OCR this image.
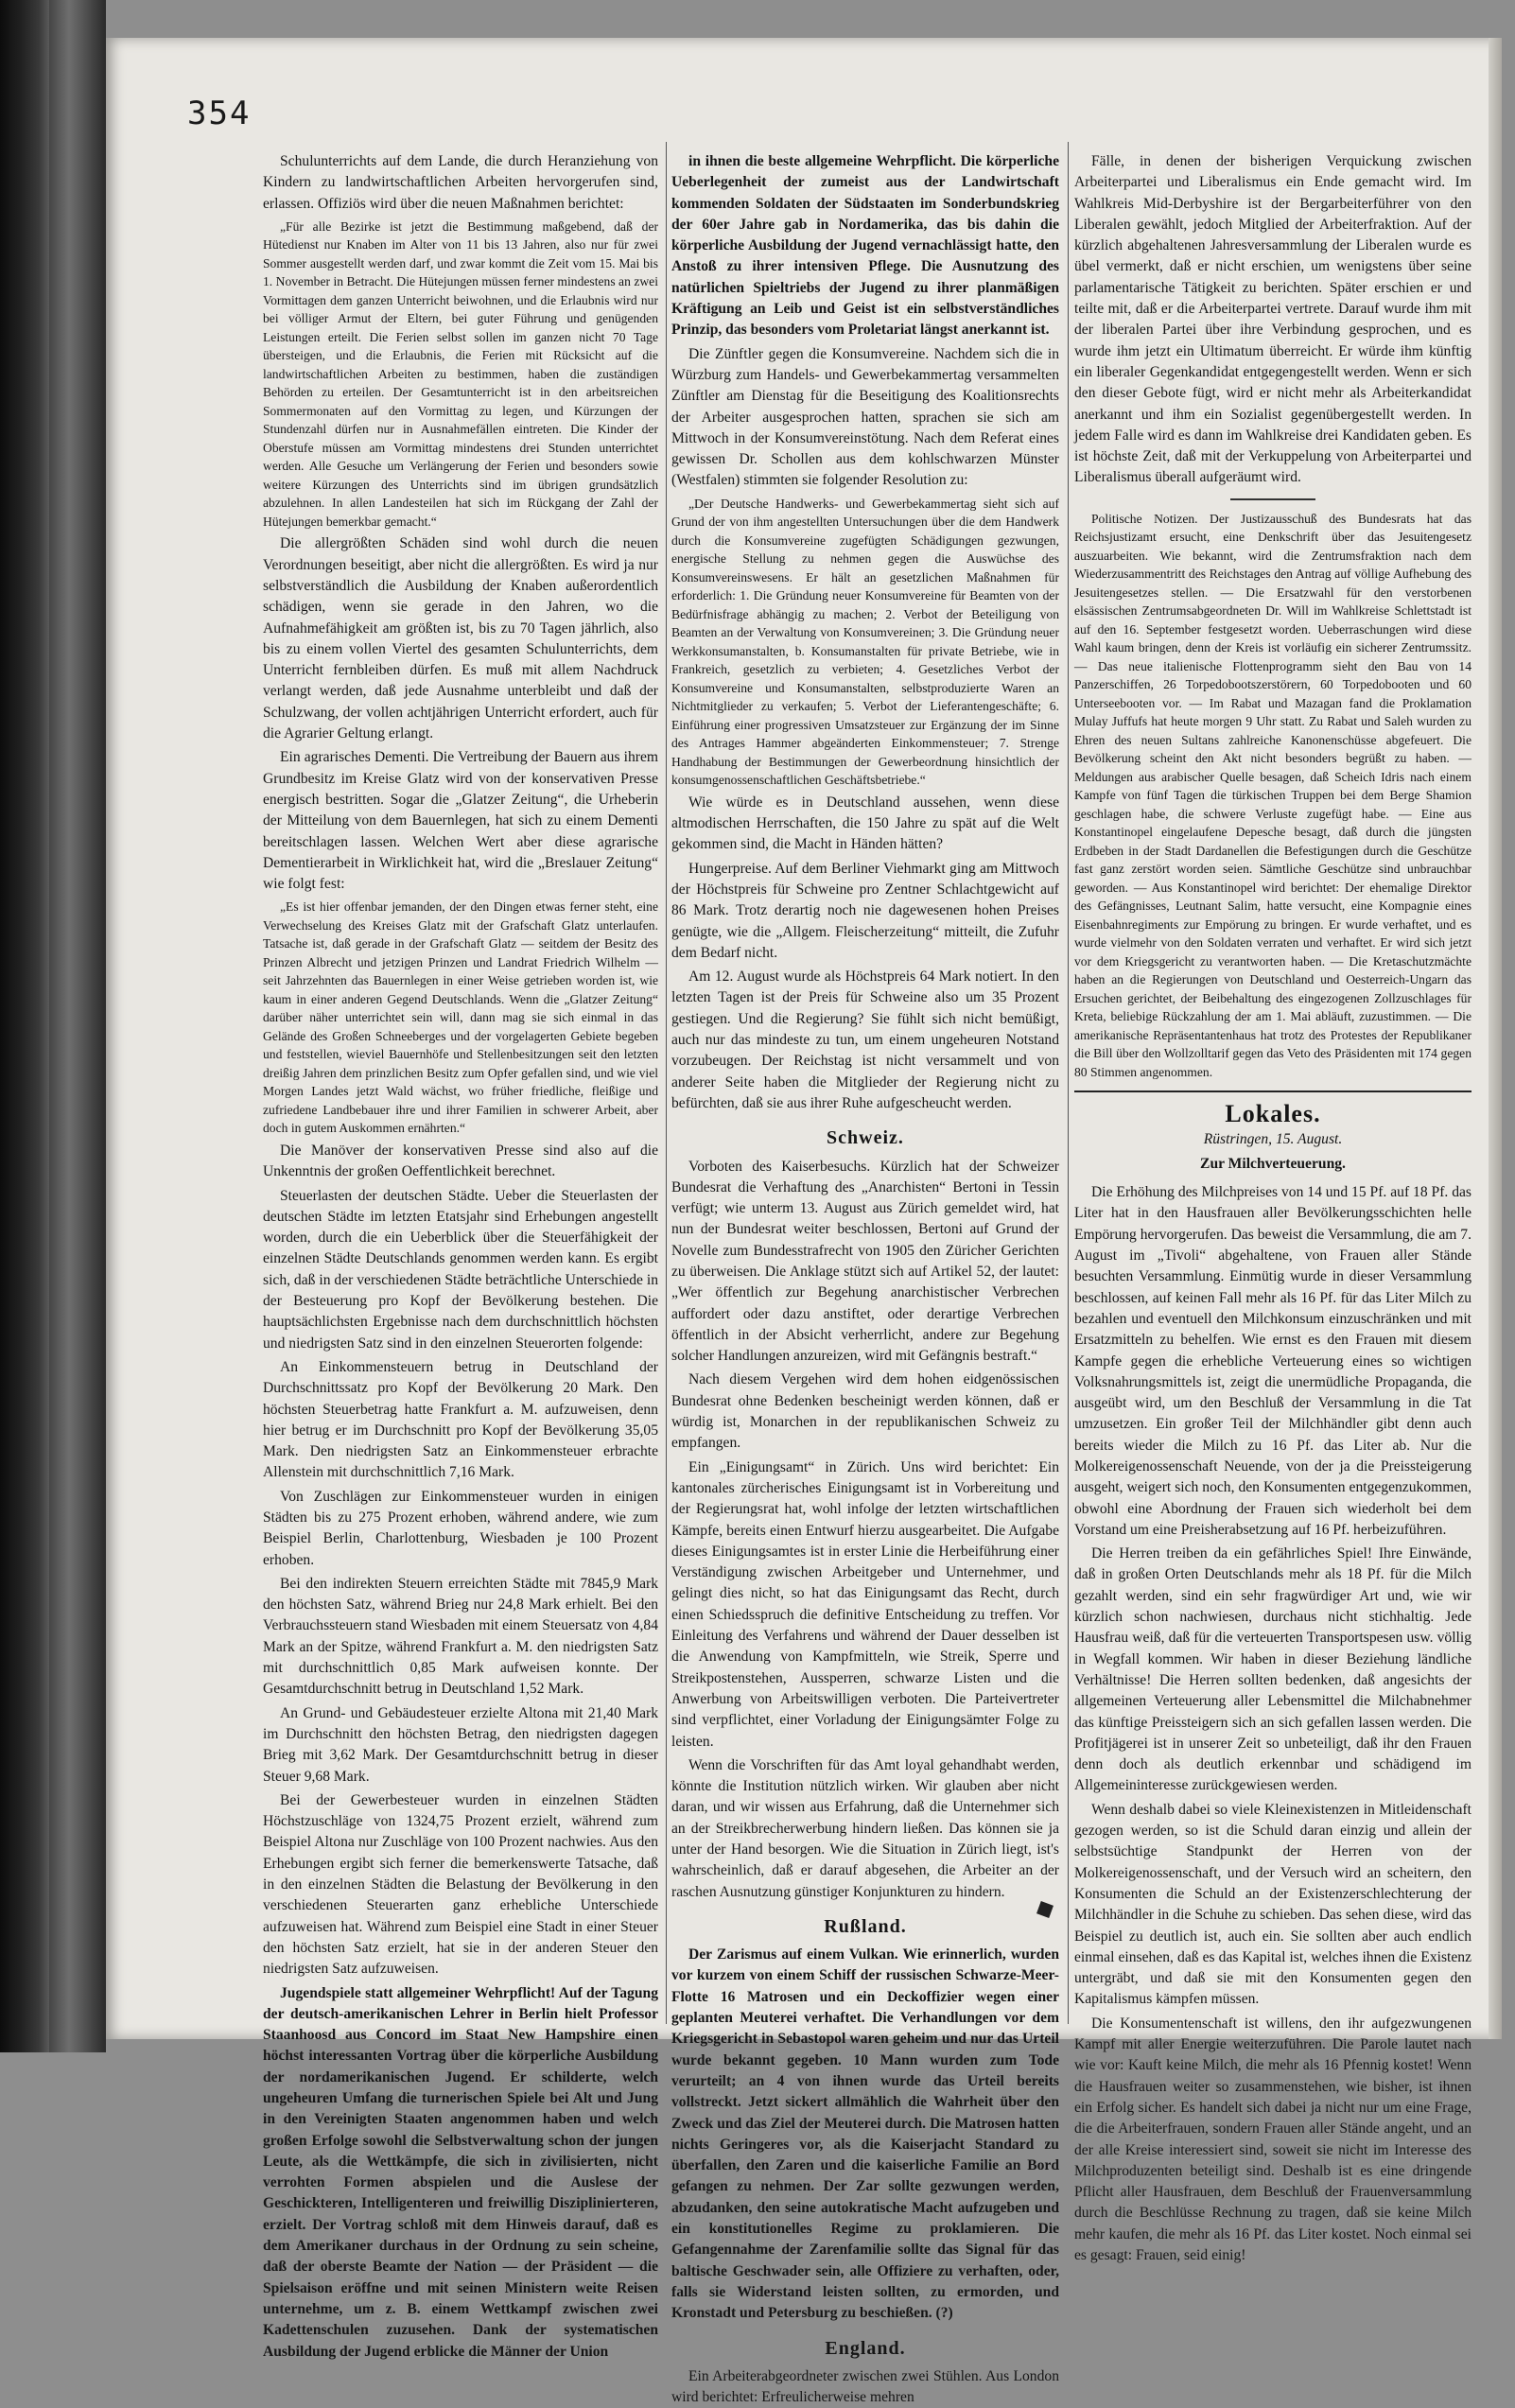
354

Schulunterrichts auf dem Lande, die durch Heranziehung von Kindern zu landwirtschaftlichen Arbeiten hervorgerufen sind, erlassen. Offiziös wird über die neuen Maßnahmen berichtet:

„Für alle Bezirke ist jetzt die Bestimmung maßgebend, daß der Hütedienst nur Knaben im Alter von 11 bis 13 Jahren, also nur für zwei Sommer ausgestellt werden darf, und zwar kommt die Zeit vom 15. Mai bis 1. November in Betracht. Die Hütejungen müssen ferner mindestens an zwei Vormittagen dem ganzen Unterricht beiwohnen, und die Erlaubnis wird nur bei völliger Armut der Eltern, bei guter Führung und genügenden Leistungen erteilt. Die Ferien selbst sollen im ganzen nicht 70 Tage übersteigen, und die Erlaubnis, die Ferien mit Rücksicht auf die landwirtschaftlichen Arbeiten zu bestimmen, haben die zuständigen Behörden zu erteilen. Der Gesamtunterricht ist in den arbeitsreichen Sommermonaten auf den Vormittag zu legen, und Kürzungen der Stundenzahl dürfen nur in Ausnahmefällen eintreten. Die Kinder der Oberstufe müssen am Vormittag mindestens drei Stunden unterrichtet werden. Alle Gesuche um Verlängerung der Ferien und besonders sowie weitere Kürzungen des Unterrichts sind im übrigen grundsätzlich abzulehnen. In allen Landesteilen hat sich im Rückgang der Zahl der Hütejungen bemerkbar gemacht.“

Die allergrößten Schäden sind wohl durch die neuen Verordnungen beseitigt, aber nicht die allergrößten. Es wird ja nur selbstverständlich die Ausbildung der Knaben außerordentlich schädigen, wenn sie gerade in den Jahren, wo die Aufnahmefähigkeit am größten ist, bis zu 70 Tagen jährlich, also bis zu einem vollen Viertel des gesamten Schulunterrichts, dem Unterricht fernbleiben dürfen. Es muß mit allem Nachdruck verlangt werden, daß jede Ausnahme unterbleibt und daß der Schulzwang, der vollen achtjährigen Unterricht erfordert, auch für die Agrarier Geltung erlangt.

Ein agrarisches Dementi. Die Vertreibung der Bauern aus ihrem Grundbesitz im Kreise Glatz wird von der konservativen Presse energisch bestritten. Sogar die „Glatzer Zeitung“, die Urheberin der Mitteilung von dem Bauernlegen, hat sich zu einem Dementi bereitschlagen lassen. Welchen Wert aber diese agrarische Dementierarbeit in Wirklichkeit hat, wird die „Breslauer Zeitung“ wie folgt fest:

„Es ist hier offenbar jemanden, der den Dingen etwas ferner steht, eine Verwechselung des Kreises Glatz mit der Grafschaft Glatz unterlaufen. Tatsache ist, daß gerade in der Grafschaft Glatz — seitdem der Besitz des Prinzen Albrecht und jetzigen Prinzen und Landrat Friedrich Wilhelm — seit Jahrzehnten das Bauernlegen in einer Weise getrieben worden ist, wie kaum in einer anderen Gegend Deutschlands. Wenn die „Glatzer Zeitung“ darüber näher unterrichtet sein will, dann mag sie sich einmal in das Gelände des Großen Schneeberges und der vorgelagerten Gebiete begeben und feststellen, wieviel Bauernhöfe und Stellenbesitzungen seit den letzten dreißig Jahren dem prinzlichen Besitz zum Opfer gefallen sind, und wie viel Morgen Landes jetzt Wald wächst, wo früher friedliche, fleißige und zufriedene Landbebauer ihre und ihrer Familien in schwerer Arbeit, aber doch in gutem Auskommen ernährten.“

Die Manöver der konservativen Presse sind also auf die Unkenntnis der großen Oeffentlichkeit berechnet.

Steuerlasten der deutschen Städte. Ueber die Steuerlasten der deutschen Städte im letzten Etatsjahr sind Erhebungen angestellt worden, durch die ein Ueberblick über die Steuerfähigkeit der einzelnen Städte Deutschlands genommen werden kann. Es ergibt sich, daß in der verschiedenen Städte beträchtliche Unterschiede in der Besteuerung pro Kopf der Bevölkerung bestehen. Die hauptsächlichsten Ergebnisse nach dem durchschnittlich höchsten und niedrigsten Satz sind in den einzelnen Steuerorten folgende:

An Einkommensteuern betrug in Deutschland der Durchschnittssatz pro Kopf der Bevölkerung 20 Mark. Den höchsten Steuerbetrag hatte Frankfurt a. M. aufzuweisen, denn hier betrug er im Durchschnitt pro Kopf der Bevölkerung 35,05 Mark. Den niedrigsten Satz an Einkommensteuer erbrachte Allenstein mit durchschnittlich 7,16 Mark.

Von Zuschlägen zur Einkommensteuer wurden in einigen Städten bis zu 275 Prozent erhoben, während andere, wie zum Beispiel Berlin, Charlottenburg, Wiesbaden je 100 Prozent erhoben.

Bei den indirekten Steuern erreichten Städte mit 7845,9 Mark den höchsten Satz, während Brieg nur 24,8 Mark erhielt. Bei den Verbrauchssteuern stand Wiesbaden mit einem Steuersatz von 4,84 Mark an der Spitze, während Frankfurt a. M. den niedrigsten Satz mit durchschnittlich 0,85 Mark aufweisen konnte. Der Gesamtdurchschnitt betrug in Deutschland 1,52 Mark.

An Grund- und Gebäudesteuer erzielte Altona mit 21,40 Mark im Durchschnitt den höchsten Betrag, den niedrigsten dagegen Brieg mit 3,62 Mark. Der Gesamtdurchschnitt betrug in dieser Steuer 9,68 Mark.

Bei der Gewerbesteuer wurden in einzelnen Städten Höchstzuschläge von 1324,75 Prozent erzielt, während zum Beispiel Altona nur Zuschläge von 100 Prozent nachwies. Aus den Erhebungen ergibt sich ferner die bemerkenswerte Tatsache, daß in den einzelnen Städten die Belastung der Bevölkerung in den verschiedenen Steuerarten ganz erhebliche Unterschiede aufzuweisen hat. Während zum Beispiel eine Stadt in einer Steuer den höchsten Satz erzielt, hat sie in der anderen Steuer den niedrigsten Satz aufzuweisen.

Jugendspiele statt allgemeiner Wehrpflicht! Auf der Tagung der deutsch-amerikanischen Lehrer in Berlin hielt Professor Staanhoosd aus Concord im Staat New Hampshire einen höchst interessanten Vortrag über die körperliche Ausbildung der nordamerikanischen Jugend. Er schilderte, welch ungeheuren Umfang die turnerischen Spiele bei Alt und Jung in den Vereinigten Staaten angenommen haben und welch großen Erfolge sowohl die Selbstverwaltung schon der jungen Leute, als die Wettkämpfe, die sich in zivilisierten, nicht verrohten Formen abspielen und die Auslese der Geschickteren, Intelligenteren und freiwillig Disziplinierteren, erzielt. Der Vortrag schloß mit dem Hinweis darauf, daß es dem Amerikaner durchaus in der Ordnung zu sein scheine, daß der oberste Beamte der Nation — der Präsident — die Spielsaison eröffne und mit seinen Ministern weite Reisen unternehme, um z. B. einem Wettkampf zwischen zwei Kadettenschulen zuzusehen. Dank der systematischen Ausbildung der Jugend erblicke die Männer der Union

in ihnen die beste allgemeine Wehrpflicht. Die körperliche Ueberlegenheit der zumeist aus der Landwirtschaft kommenden Soldaten der Südstaaten im Sonderbundskrieg der 60er Jahre gab in Nordamerika, das bis dahin die körperliche Ausbildung der Jugend vernachlässigt hatte, den Anstoß zu ihrer intensiven Pflege. Die Ausnutzung des natürlichen Spieltriebs der Jugend zu ihrer planmäßigen Kräftigung an Leib und Geist ist ein selbstverständliches Prinzip, das besonders vom Proletariat längst anerkannt ist.

Die Zünftler gegen die Konsumvereine. Nachdem sich die in Würzburg zum Handels- und Gewerbekammertag versammelten Zünftler am Dienstag für die Beseitigung des Koalitionsrechts der Arbeiter ausgesprochen hatten, sprachen sie sich am Mittwoch in der Konsumvereinstötung. Nach dem Referat eines gewissen Dr. Schollen aus dem kohlschwarzen Münster (Westfalen) stimmten sie folgender Resolution zu:

„Der Deutsche Handwerks- und Gewerbekammertag sieht sich auf Grund der von ihm angestellten Untersuchungen über die dem Handwerk durch die Konsumvereine zugefügten Schädigungen gezwungen, energische Stellung zu nehmen gegen die Auswüchse des Konsumvereinswesens. Er hält an gesetzlichen Maßnahmen für erforderlich: 1. Die Gründung neuer Konsumvereine für Beamten von der Bedürfnisfrage abhängig zu machen; 2. Verbot der Beteiligung von Beamten an der Verwaltung von Konsumvereinen; 3. Die Gründung neuer Werkkonsumanstalten, b. Konsumanstalten für private Betriebe, wie in Frankreich, gesetzlich zu verbieten; 4. Gesetzliches Verbot der Konsumvereine und Konsumanstalten, selbstproduzierte Waren an Nichtmitglieder zu verkaufen; 5. Verbot der Lieferantengeschäfte; 6. Einführung einer progressiven Umsatzsteuer zur Ergänzung der im Sinne des Antrages Hammer abgeänderten Einkommensteuer; 7. Strenge Handhabung der Bestimmungen der Gewerbeordnung hinsichtlich der konsumgenossenschaftlichen Geschäftsbetriebe.“

Wie würde es in Deutschland aussehen, wenn diese altmodischen Herrschaften, die 150 Jahre zu spät auf die Welt gekommen sind, die Macht in Händen hätten?

Hungerpreise. Auf dem Berliner Viehmarkt ging am Mittwoch der Höchstpreis für Schweine pro Zentner Schlachtgewicht auf 86 Mark. Trotz derartig noch nie dagewesenen hohen Preises genügte, wie die „Allgem. Fleischerzeitung“ mitteilt, die Zufuhr dem Bedarf nicht.

Am 12. August wurde als Höchstpreis 64 Mark notiert. In den letzten Tagen ist der Preis für Schweine also um 35 Prozent gestiegen. Und die Regierung? Sie fühlt sich nicht bemüßigt, auch nur das mindeste zu tun, um einem ungeheuren Notstand vorzubeugen. Der Reichstag ist nicht versammelt und von anderer Seite haben die Mitglieder der Regierung nicht zu befürchten, daß sie aus ihrer Ruhe aufgescheucht werden.

Schweiz.

Vorboten des Kaiserbesuchs. Kürzlich hat der Schweizer Bundesrat die Verhaftung des „Anarchisten“ Bertoni in Tessin verfügt; wie unterm 13. August aus Zürich gemeldet wird, hat nun der Bundesrat weiter beschlossen, Bertoni auf Grund der Novelle zum Bundesstrafrecht von 1905 den Züricher Gerichten zu überweisen. Die Anklage stützt sich auf Artikel 52, der lautet: „Wer öffentlich zur Begehung anarchistischer Verbrechen auffordert oder dazu anstiftet, oder derartige Verbrechen öffentlich in der Absicht verherrlicht, andere zur Begehung solcher Handlungen anzureizen, wird mit Gefängnis bestraft.“

Nach diesem Vergehen wird dem hohen eidgenössischen Bundesrat ohne Bedenken bescheinigt werden können, daß er würdig ist, Monarchen in der republikanischen Schweiz zu empfangen.

Ein „Einigungsamt“ in Zürich. Uns wird berichtet: Ein kantonales zürcherisches Einigungsamt ist in Vorbereitung und der Regierungsrat hat, wohl infolge der letzten wirtschaftlichen Kämpfe, bereits einen Entwurf hierzu ausgearbeitet. Die Aufgabe dieses Einigungsamtes ist in erster Linie die Herbeiführung einer Verständigung zwischen Arbeitgeber und Unternehmer, und gelingt dies nicht, so hat das Einigungsamt das Recht, durch einen Schiedsspruch die definitive Entscheidung zu treffen. Vor Einleitung des Verfahrens und während der Dauer desselben ist die Anwendung von Kampfmitteln, wie Streik, Sperre und Streikpostenstehen, Aussperren, schwarze Listen und die Anwerbung von Arbeitswilligen verboten. Die Parteivertreter sind verpflichtet, einer Vorladung der Einigungsämter Folge zu leisten.

Wenn die Vorschriften für das Amt loyal gehandhabt werden, könnte die Institution nützlich wirken. Wir glauben aber nicht daran, und wir wissen aus Erfahrung, daß die Unternehmer sich an der Streikbrecherwerbung hindern ließen. Das können sie ja unter der Hand besorgen. Wie die Situation in Zürich liegt, ist's wahrscheinlich, daß er darauf abgesehen, die Arbeiter an der raschen Ausnutzung günstiger Konjunkturen zu hindern.

Rußland.

Der Zarismus auf einem Vulkan. Wie erinnerlich, wurden vor kurzem von einem Schiff der russischen Schwarze-Meer-Flotte 16 Matrosen und ein Deckoffizier wegen einer geplanten Meuterei verhaftet. Die Verhandlungen vor dem Kriegsgericht in Sebastopol waren geheim und nur das Urteil wurde bekannt gegeben. 10 Mann wurden zum Tode verurteilt; an 4 von ihnen wurde das Urteil bereits vollstreckt. Jetzt sickert allmählich die Wahrheit über den Zweck und das Ziel der Meuterei durch. Die Matrosen hatten nichts Geringeres vor, als die Kaiserjacht Standard zu überfallen, den Zaren und die kaiserliche Familie an Bord gefangen zu nehmen. Der Zar sollte gezwungen werden, abzudanken, den seine autokratische Macht aufzugeben und ein konstitutionelles Regime zu proklamieren. Die Gefangennahme der Zarenfamilie sollte das Signal für das baltische Geschwader sein, alle Offiziere zu verhaften, oder, falls sie Widerstand leisten sollten, zu ermorden, und Kronstadt und Petersburg zu beschießen. (?)

England.

Ein Arbeiterabgeordneter zwischen zwei Stühlen. Aus London wird berichtet: Erfreulicherweise mehren

Fälle, in denen der bisherigen Verquickung zwischen Arbeiterpartei und Liberalismus ein Ende gemacht wird. Im Wahlkreis Mid-Derbyshire ist der Bergarbeiterführer von den Liberalen gewählt, jedoch Mitglied der Arbeiterfraktion. Auf der kürzlich abgehaltenen Jahresversammlung der Liberalen wurde es übel vermerkt, daß er nicht erschien, um wenigstens über seine parlamentarische Tätigkeit zu berichten. Später erschien er und teilte mit, daß er die Arbeiterpartei vertrete. Darauf wurde ihm mit der liberalen Partei über ihre Verbindung gesprochen, und es wurde ihm jetzt ein Ultimatum überreicht. Er würde ihm künftig ein liberaler Gegenkandidat entgegengestellt werden. Wenn er sich den dieser Gebote fügt, wird er nicht mehr als Arbeiterkandidat anerkannt und ihm ein Sozialist gegenübergestellt werden. In jedem Falle wird es dann im Wahlkreise drei Kandidaten geben. Es ist höchste Zeit, daß mit der Verkuppelung von Arbeiterpartei und Liberalismus überall aufgeräumt wird.

Politische Notizen. Der Justizausschuß des Bundesrats hat das Reichsjustizamt ersucht, eine Denkschrift über das Jesuitengesetz auszuarbeiten. Wie bekannt, wird die Zentrumsfraktion nach dem Wiederzusammentritt des Reichstages den Antrag auf völlige Aufhebung des Jesuitengesetzes stellen. — Die Ersatzwahl für den verstorbenen elsässischen Zentrumsabgeordneten Dr. Will im Wahlkreise Schlettstadt ist auf den 16. September festgesetzt worden. Ueberraschungen wird diese Wahl kaum bringen, denn der Kreis ist vorläufig ein sicherer Zentrumssitz. — Das neue italienische Flottenprogramm sieht den Bau von 14 Panzerschiffen, 26 Torpedobootszerstörern, 60 Torpedobooten und 60 Unterseebooten vor. — Im Rabat und Mazagan fand die Proklamation Mulay Juffufs hat heute morgen 9 Uhr statt. Zu Rabat und Saleh wurden zu Ehren des neuen Sultans zahlreiche Kanonenschüsse abgefeuert. Die Bevölkerung scheint den Akt nicht besonders begrüßt zu haben. — Meldungen aus arabischer Quelle besagen, daß Scheich Idris nach einem Kampfe von fünf Tagen die türkischen Truppen bei dem Berge Shamion geschlagen habe, die schwere Verluste zugefügt habe. — Eine aus Konstantinopel eingelaufene Depesche besagt, daß durch die jüngsten Erdbeben in der Stadt Dardanellen die Befestigungen durch die Geschütze fast ganz zerstört worden seien. Sämtliche Geschütze sind unbrauchbar geworden. — Aus Konstantinopel wird berichtet: Der ehemalige Direktor des Gefängnisses, Leutnant Salim, hatte versucht, eine Kompagnie eines Eisenbahnregiments zur Empörung zu bringen. Er wurde verhaftet, und es wurde vielmehr von den Soldaten verraten und verhaftet. Er wird sich jetzt vor dem Kriegsgericht zu verantworten haben. — Die Kretaschutzmächte haben an die Regierungen von Deutschland und Oesterreich-Ungarn das Ersuchen gerichtet, der Beibehaltung des eingezogenen Zollzuschlages für Kreta, beliebige Rückzahlung der am 1. Mai abläuft, zuzustimmen. — Die amerikanische Repräsentantenhaus hat trotz des Protestes der Republikaner die Bill über den Wollzolltarif gegen das Veto des Präsidenten mit 174 gegen 80 Stimmen angenommen.

Lokales.
Rüstringen, 15. August.
Zur Milchverteuerung.

Die Erhöhung des Milchpreises von 14 und 15 Pf. auf 18 Pf. das Liter hat in den Hausfrauen aller Bevölkerungsschichten helle Empörung hervorgerufen. Das beweist die Versammlung, die am 7. August im „Tivoli“ abgehaltene, von Frauen aller Stände besuchten Versammlung. Einmütig wurde in dieser Versammlung beschlossen, auf keinen Fall mehr als 16 Pf. für das Liter Milch zu bezahlen und eventuell den Milchkonsum einzuschränken und mit Ersatzmitteln zu behelfen. Wie ernst es den Frauen mit diesem Kampfe gegen die erhebliche Verteuerung eines so wichtigen Volksnahrungsmittels ist, zeigt die unermüdliche Propaganda, die ausgeübt wird, um den Beschluß der Versammlung in die Tat umzusetzen. Ein großer Teil der Milchhändler gibt denn auch bereits wieder die Milch zu 16 Pf. das Liter ab. Nur die Molkereigenossenschaft Neuende, von der ja die Preissteigerung ausgeht, weigert sich noch, den Konsumenten entgegenzukommen, obwohl eine Abordnung der Frauen sich wiederholt bei dem Vorstand um eine Preisherabsetzung auf 16 Pf. herbeizuführen.

Die Herren treiben da ein gefährliches Spiel! Ihre Einwände, daß in großen Orten Deutschlands mehr als 18 Pf. für die Milch gezahlt werden, sind ein sehr fragwürdiger Art und, wie wir kürzlich schon nachwiesen, durchaus nicht stichhaltig. Jede Hausfrau weiß, daß für die verteuerten Transportspesen usw. völlig in Wegfall kommen. Wir haben in dieser Beziehung ländliche Verhältnisse! Die Herren sollten bedenken, daß angesichts der allgemeinen Verteuerung aller Lebensmittel die Milchabnehmer das künftige Preissteigern sich an sich gefallen lassen werden. Die Profitjägerei ist in unserer Zeit so unbeteiligt, daß ihr den Frauen denn doch als deutlich erkennbar und schädigend im Allgemeininteresse zurückgewiesen werden.

Wenn deshalb dabei so viele Kleinexistenzen in Mitleidenschaft gezogen werden, so ist die Schuld daran einzig und allein der selbstsüchtige Standpunkt der Herren von der Molkereigenossenschaft, und der Versuch wird an scheitern, den Konsumenten die Schuld an der Existenzerschlechterung der Milchhändler in die Schuhe zu schieben. Das sehen diese, wird das Beispiel zu deutlich ist, auch ein. Sie sollten aber auch endlich einmal einsehen, daß es das Kapital ist, welches ihnen die Existenz untergräbt, und daß sie mit den Konsumenten gegen den Kapitalismus kämpfen müssen.

Die Konsumentenschaft ist willens, den ihr aufgezwungenen Kampf mit aller Energie weiterzuführen. Die Parole lautet nach wie vor: Kauft keine Milch, die mehr als 16 Pfennig kostet! Wenn die Hausfrauen weiter so zusammenstehen, wie bisher, ist ihnen ein Erfolg sicher. Es handelt sich dabei ja nicht nur um eine Frage, die die Arbeiterfrauen, sondern Frauen aller Stände angeht, und an der alle Kreise interessiert sind, soweit sie nicht im Interesse des Milchproduzenten beteiligt sind. Deshalb ist es eine dringende Pflicht aller Hausfrauen, dem Beschluß der Frauenversammlung durch die Beschlüsse Rechnung zu tragen, daß sie keine Milch mehr kaufen, die mehr als 16 Pf. das Liter kostet. Noch einmal sei es gesagt: Frauen, seid einig!
